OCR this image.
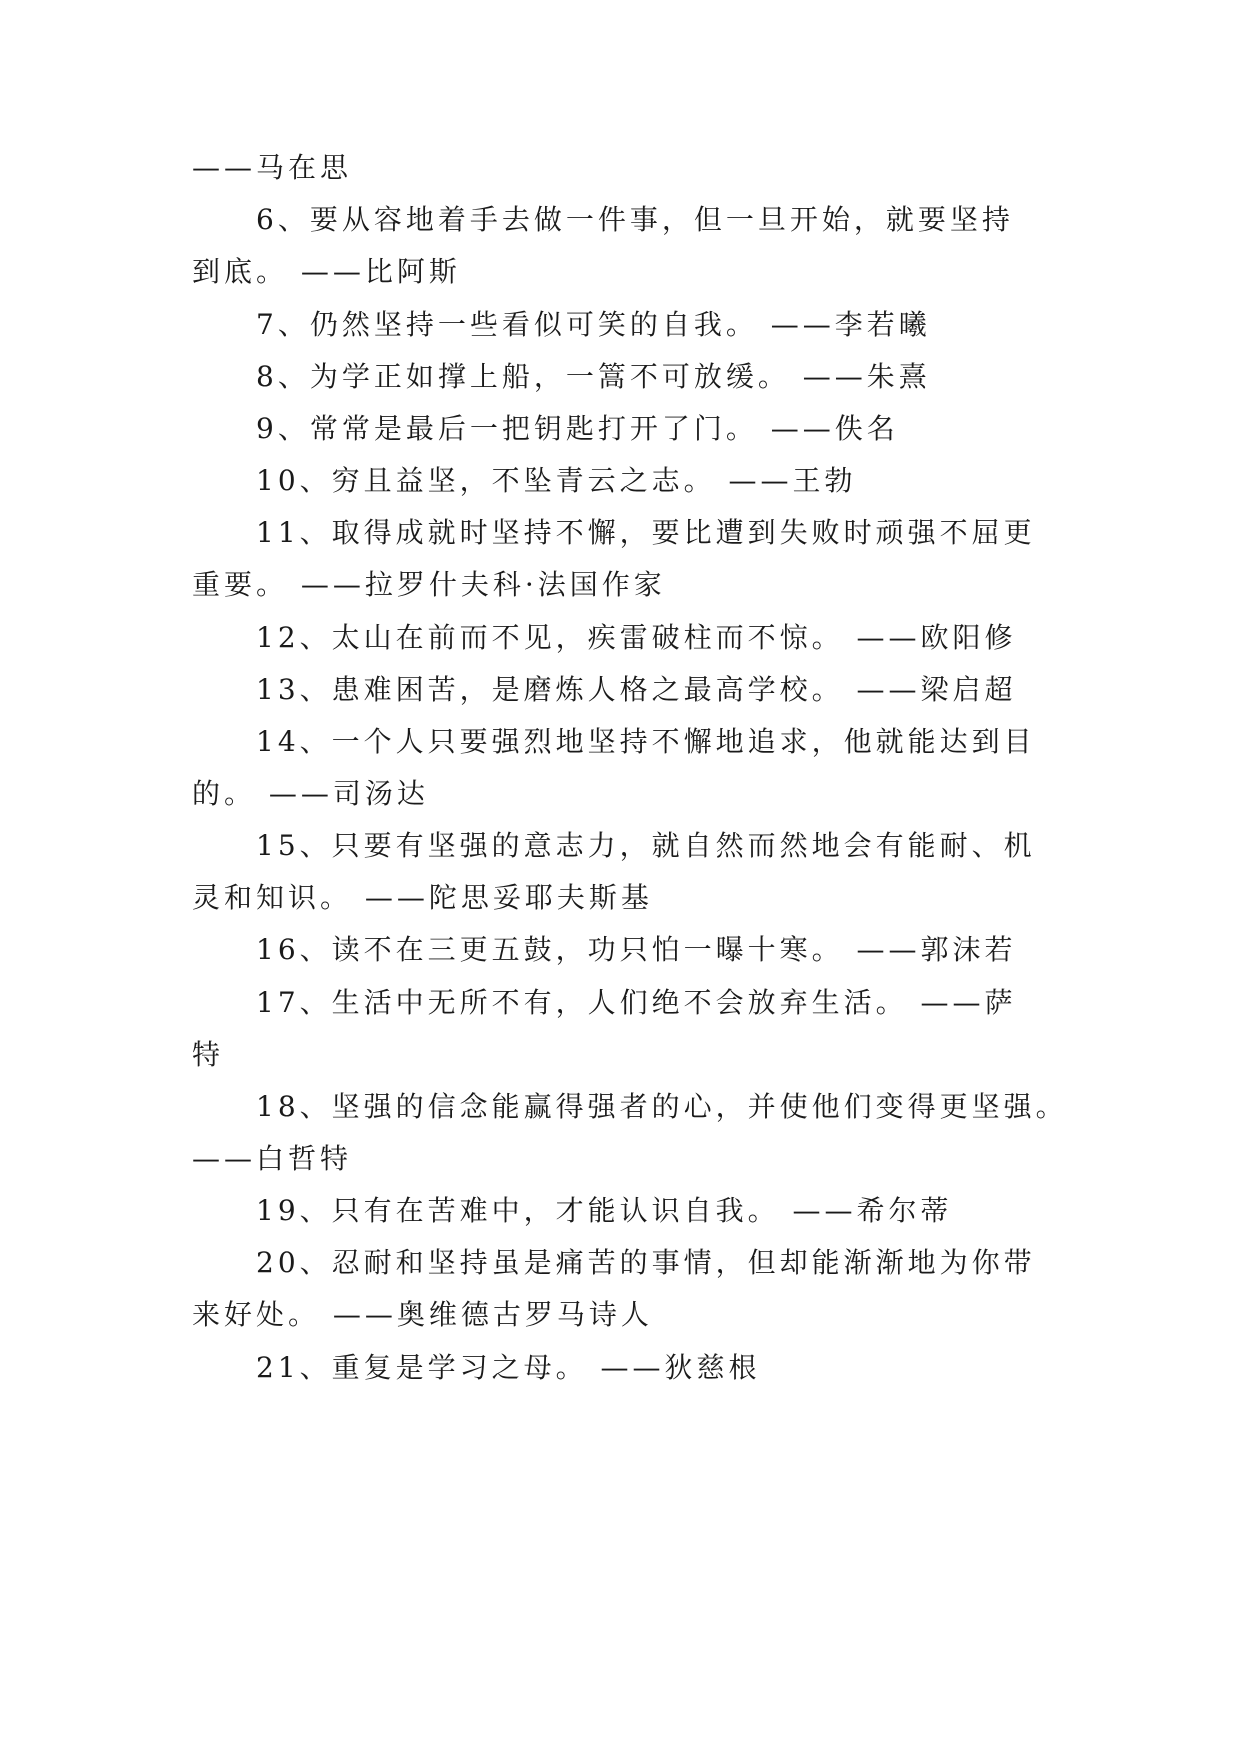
——马在思
6、要从容地着手去做一件事，但一旦开始，就要坚持
到底。 ——比阿斯
7、仍然坚持一些看似可笑的自我。 ——李若曦
8、为学正如撑上船，一篙不可放缓。 ——朱熹
9、常常是最后一把钥匙打开了门。 ——佚名
10、穷且益坚，不坠青云之志。 ——王勃
11、取得成就时坚持不懈，要比遭到失败时顽强不屈更
重要。 ——拉罗什夫科·法国作家
12、太山在前而不见，疾雷破柱而不惊。 ——欧阳修
13、患难困苦，是磨炼人格之最高学校。 ——梁启超
14、一个人只要强烈地坚持不懈地追求，他就能达到目
的。 ——司汤达
15、只要有坚强的意志力，就自然而然地会有能耐、机
灵和知识。 ——陀思妥耶夫斯基
16、读不在三更五鼓，功只怕一曝十寒。 ——郭沫若
17、生活中无所不有，人们绝不会放弃生活。 ——萨
特
18、坚强的信念能赢得强者的心，并使他们变得更坚强。
——白哲特
19、只有在苦难中，才能认识自我。 ——希尔蒂
20、忍耐和坚持虽是痛苦的事情，但却能渐渐地为你带
来好处。 ——奥维德古罗马诗人
21、重复是学习之母。 ——狄慈根
